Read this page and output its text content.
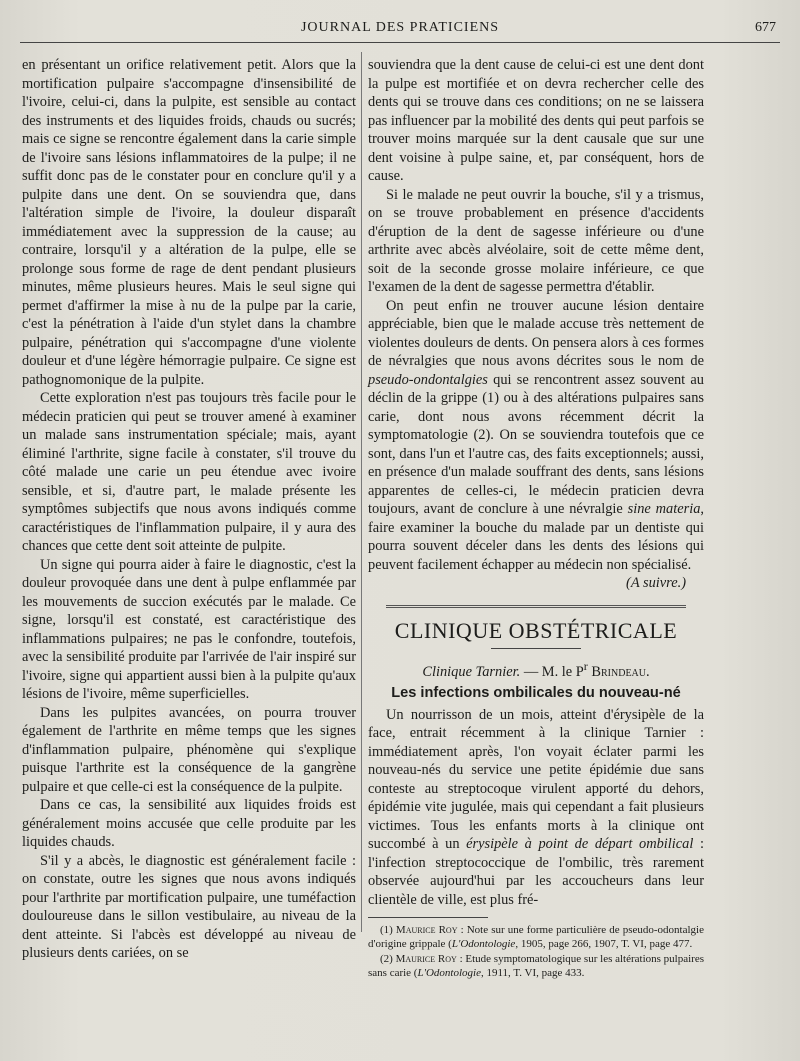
JOURNAL DES PRATICIENS	677

en présentant un orifice relativement petit. Alors que la mortification pulpaire s'accompagne d'insensibilité de l'ivoire, celui-ci, dans la pulpite, est sensible au contact des instruments et des liquides froids, chauds ou sucrés; mais ce signe se rencontre également dans la carie simple de l'ivoire sans lésions inflammatoires de la pulpe; il ne suffit donc pas de le constater pour en conclure qu'il y a pulpite dans une dent. On se souviendra que, dans l'altération simple de l'ivoire, la douleur disparaît immédiatement avec la suppression de la cause; au contraire, lorsqu'il y a altération de la pulpe, elle se prolonge sous forme de rage de dent pendant plusieurs minutes, même plusieurs heures. Mais le seul signe qui permet d'affirmer la mise à nu de la pulpe par la carie, c'est la pénétration à l'aide d'un stylet dans la chambre pulpaire, pénétration qui s'accompagne d'une violente douleur et d'une légère hémorragie pulpaire. Ce signe est pathognomonique de la pulpite.

Cette exploration n'est pas toujours très facile pour le médecin praticien qui peut se trouver amené à examiner un malade sans instrumentation spéciale; mais, ayant éliminé l'arthrite, signe facile à constater, s'il trouve du côté malade une carie un peu étendue avec ivoire sensible, et si, d'autre part, le malade présente les symptômes subjectifs que nous avons indiqués comme caractéristiques de l'inflammation pulpaire, il y aura des chances que cette dent soit atteinte de pulpite.

Un signe qui pourra aider à faire le diagnostic, c'est la douleur provoquée dans une dent à pulpe enflammée par les mouvements de succion exécutés par le malade. Ce signe, lorsqu'il est constaté, est caractéristique des inflammations pulpaires; ne pas le confondre, toutefois, avec la sensibilité produite par l'arrivée de l'air inspiré sur l'ivoire, signe qui appartient aussi bien à la pulpite qu'aux lésions de l'ivoire, même superficielles.

Dans les pulpites avancées, on pourra trouver également de l'arthrite en même temps que les signes d'inflammation pulpaire, phénomène qui s'explique puisque l'arthrite est la conséquence de la gangrène pulpaire et que celle-ci est la conséquence de la pulpite.

Dans ce cas, la sensibilité aux liquides froids est généralement moins accusée que celle produite par les liquides chauds.

S'il y a abcès, le diagnostic est généralement facile : on constate, outre les signes que nous avons indiqués pour l'arthrite par mortification pulpaire, une tuméfaction douloureuse dans le sillon vestibulaire, au niveau de la dent atteinte. Si l'abcès est développé au niveau de plusieurs dents cariées, on se

souviendra que la dent cause de celui-ci est une dent dont la pulpe est mortifiée et on devra rechercher celle des dents qui se trouve dans ces conditions; on ne se laissera pas influencer par la mobilité des dents qui peut parfois se trouver moins marquée sur la dent causale que sur une dent voisine à pulpe saine, et, par conséquent, hors de cause.

Si le malade ne peut ouvrir la bouche, s'il y a trismus, on se trouve probablement en présence d'accidents d'éruption de la dent de sagesse inférieure ou d'une arthrite avec abcès alvéolaire, soit de cette même dent, soit de la seconde grosse molaire inférieure, ce que l'examen de la dent de sagesse permettra d'établir.

On peut enfin ne trouver aucune lésion dentaire appréciable, bien que le malade accuse très nettement de violentes douleurs de dents. On pensera alors à ces formes de névralgies que nous avons décrites sous le nom de pseudo-ondontalgies qui se rencontrent assez souvent au déclin de la grippe (1) ou à des altérations pulpaires sans carie, dont nous avons récemment décrit la symptomatologie (2). On se souviendra toutefois que ce sont, dans l'un et l'autre cas, des faits exceptionnels; aussi, en présence d'un malade souffrant des dents, sans lésions apparentes de celles-ci, le médecin praticien devra toujours, avant de conclure à une névralgie sine materia, faire examiner la bouche du malade par un dentiste qui pourra souvent déceler dans les dents des lésions qui peuvent facilement échapper au médecin non spécialisé.

(A suivre.)

CLINIQUE OBSTÉTRICALE
Clinique Tarnier. — M. le $P^r$ Brindeau.
Les infections ombilicales du nouveau-né

Un nourrisson de un mois, atteint d'érysipèle de la face, entrait récemment à la clinique Tarnier : immédiatement après, l'on voyait éclater parmi les nouveau-nés du service une petite épidémie due sans conteste au streptocoque virulent apporté du dehors, épidémie vite jugulée, mais qui cependant a fait plusieurs victimes. Tous les enfants morts à la clinique ont succombé à un érysipèle à point de départ ombilical : l'infection streptococcique de l'ombilic, très rarement observée aujourd'hui par les accoucheurs dans leur clientèle de ville, est plus fré-

(1) Maurice Roy : Note sur une forme particulière de pseudo-odontalgie d'origine grippale (L'Odontologie, 1905, page 266, 1907, T. VI, page 477.

(2) Maurice Roy : Etude symptomatologique sur les altérations pulpaires sans carie (L'Odontologie, 1911, T. VI, page 433.
